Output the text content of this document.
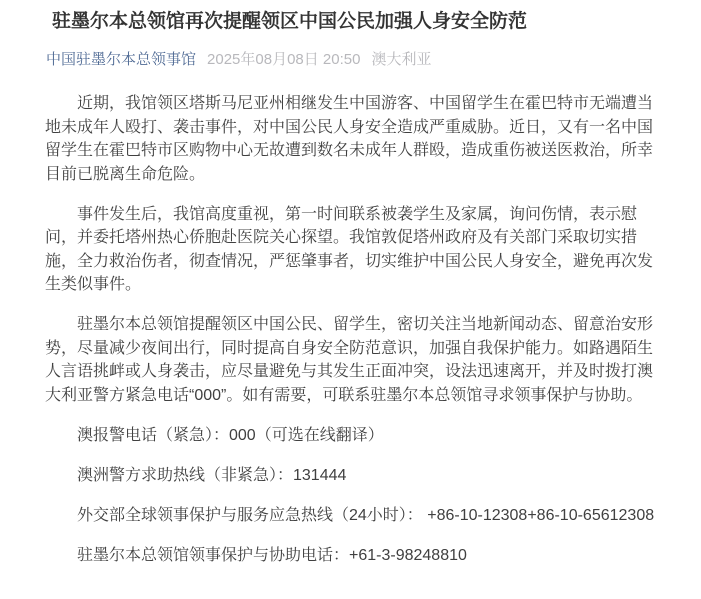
驻墨尔本总领馆再次提醒领区中国公民加强人身安全防范
中国驻墨尔本总领事馆 2025年08月08日 20:50 澳大利亚

近期，我馆领区塔斯马尼亚州相继发生中国游客、中国留学生在霍巴特市无端遭当地未成年人殴打、袭击事件，对中国公民人身安全造成严重威胁。近日，又有一名中国留学生在霍巴特市区购物中心无故遭到数名未成年人群殴，造成重伤被送医救治，所幸目前已脱离生命危险。

事件发生后，我馆高度重视，第一时间联系被袭学生及家属，询问伤情，表示慰问，并委托塔州热心侨胞赴医院关心探望。我馆敦促塔州政府及有关部门采取切实措施，全力救治伤者，彻查情况，严惩肇事者，切实维护中国公民人身安全，避免再次发生类似事件。

驻墨尔本总领馆提醒领区中国公民、留学生，密切关注当地新闻动态、留意治安形势，尽量减少夜间出行，同时提高自身安全防范意识，加强自我保护能力。如路遇陌生人言语挑衅或人身袭击，应尽量避免与其发生正面冲突，设法迅速离开，并及时拨打澳大利亚警方紧急电话“000”。如有需要，可联系驻墨尔本总领馆寻求领事保护与协助。

澳报警电话（紧急）：000（可选在线翻译）

澳洲警方求助热线（非紧急）：131444

外交部全球领事保护与服务应急热线（24小时）： +86-10-12308+86-10-65612308

驻墨尔本总领馆领事保护与协助电话：+61-3-98248810
